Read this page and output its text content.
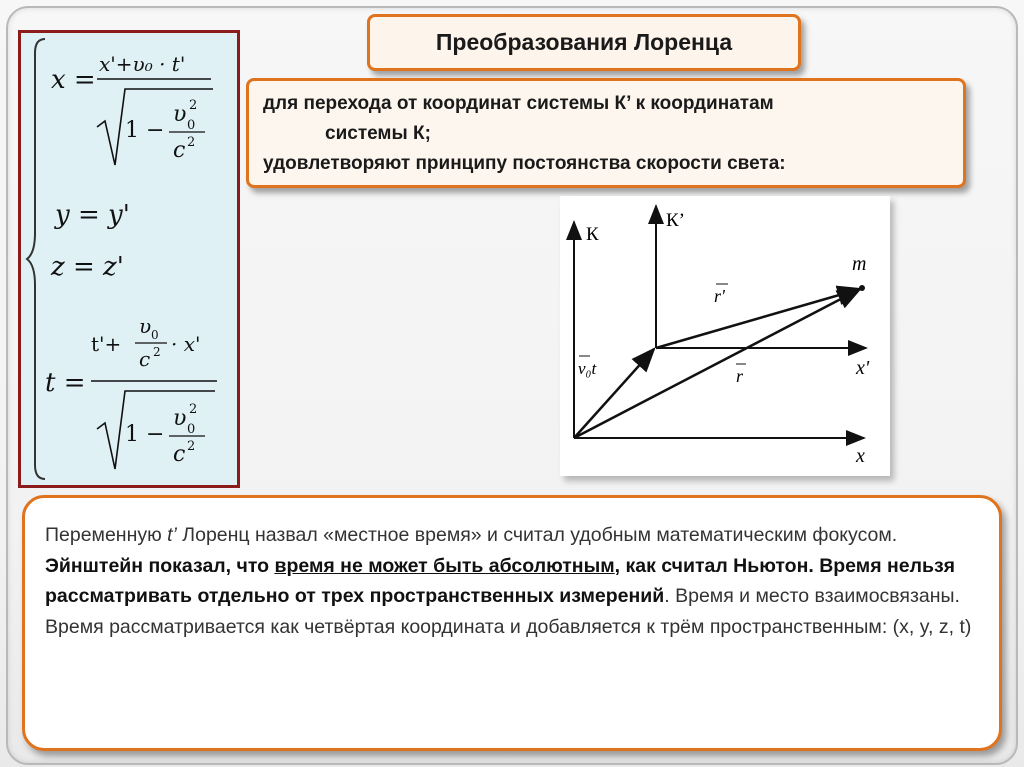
x =
x'+υ₀ · t'
1 −
υ 0
2
c 2
y = y'
z = z'
t =
t'+
υ 0
c 2 · x'
1 −
υ 0
2
c 2
Преобразования Лоренца

для перехода от координат системы К’ к координатам

системы К;

удовлетворяют принципу постоянства скорости света:

К
К’
m
r'
r
v₀t	x'
x

Переменную t’ Лоренц назвал «местное время» и считал удобным математическим фокусом.

Эйнштейн показал, что время не может быть абсолютным, как считал Ньютон. Время нельзя рассматривать отдельно от трех пространственных измерений. Время и место взаимосвязаны. Время рассматривается как четвёртая координата и добавляется к трём пространственным: (x, y, z, t)
